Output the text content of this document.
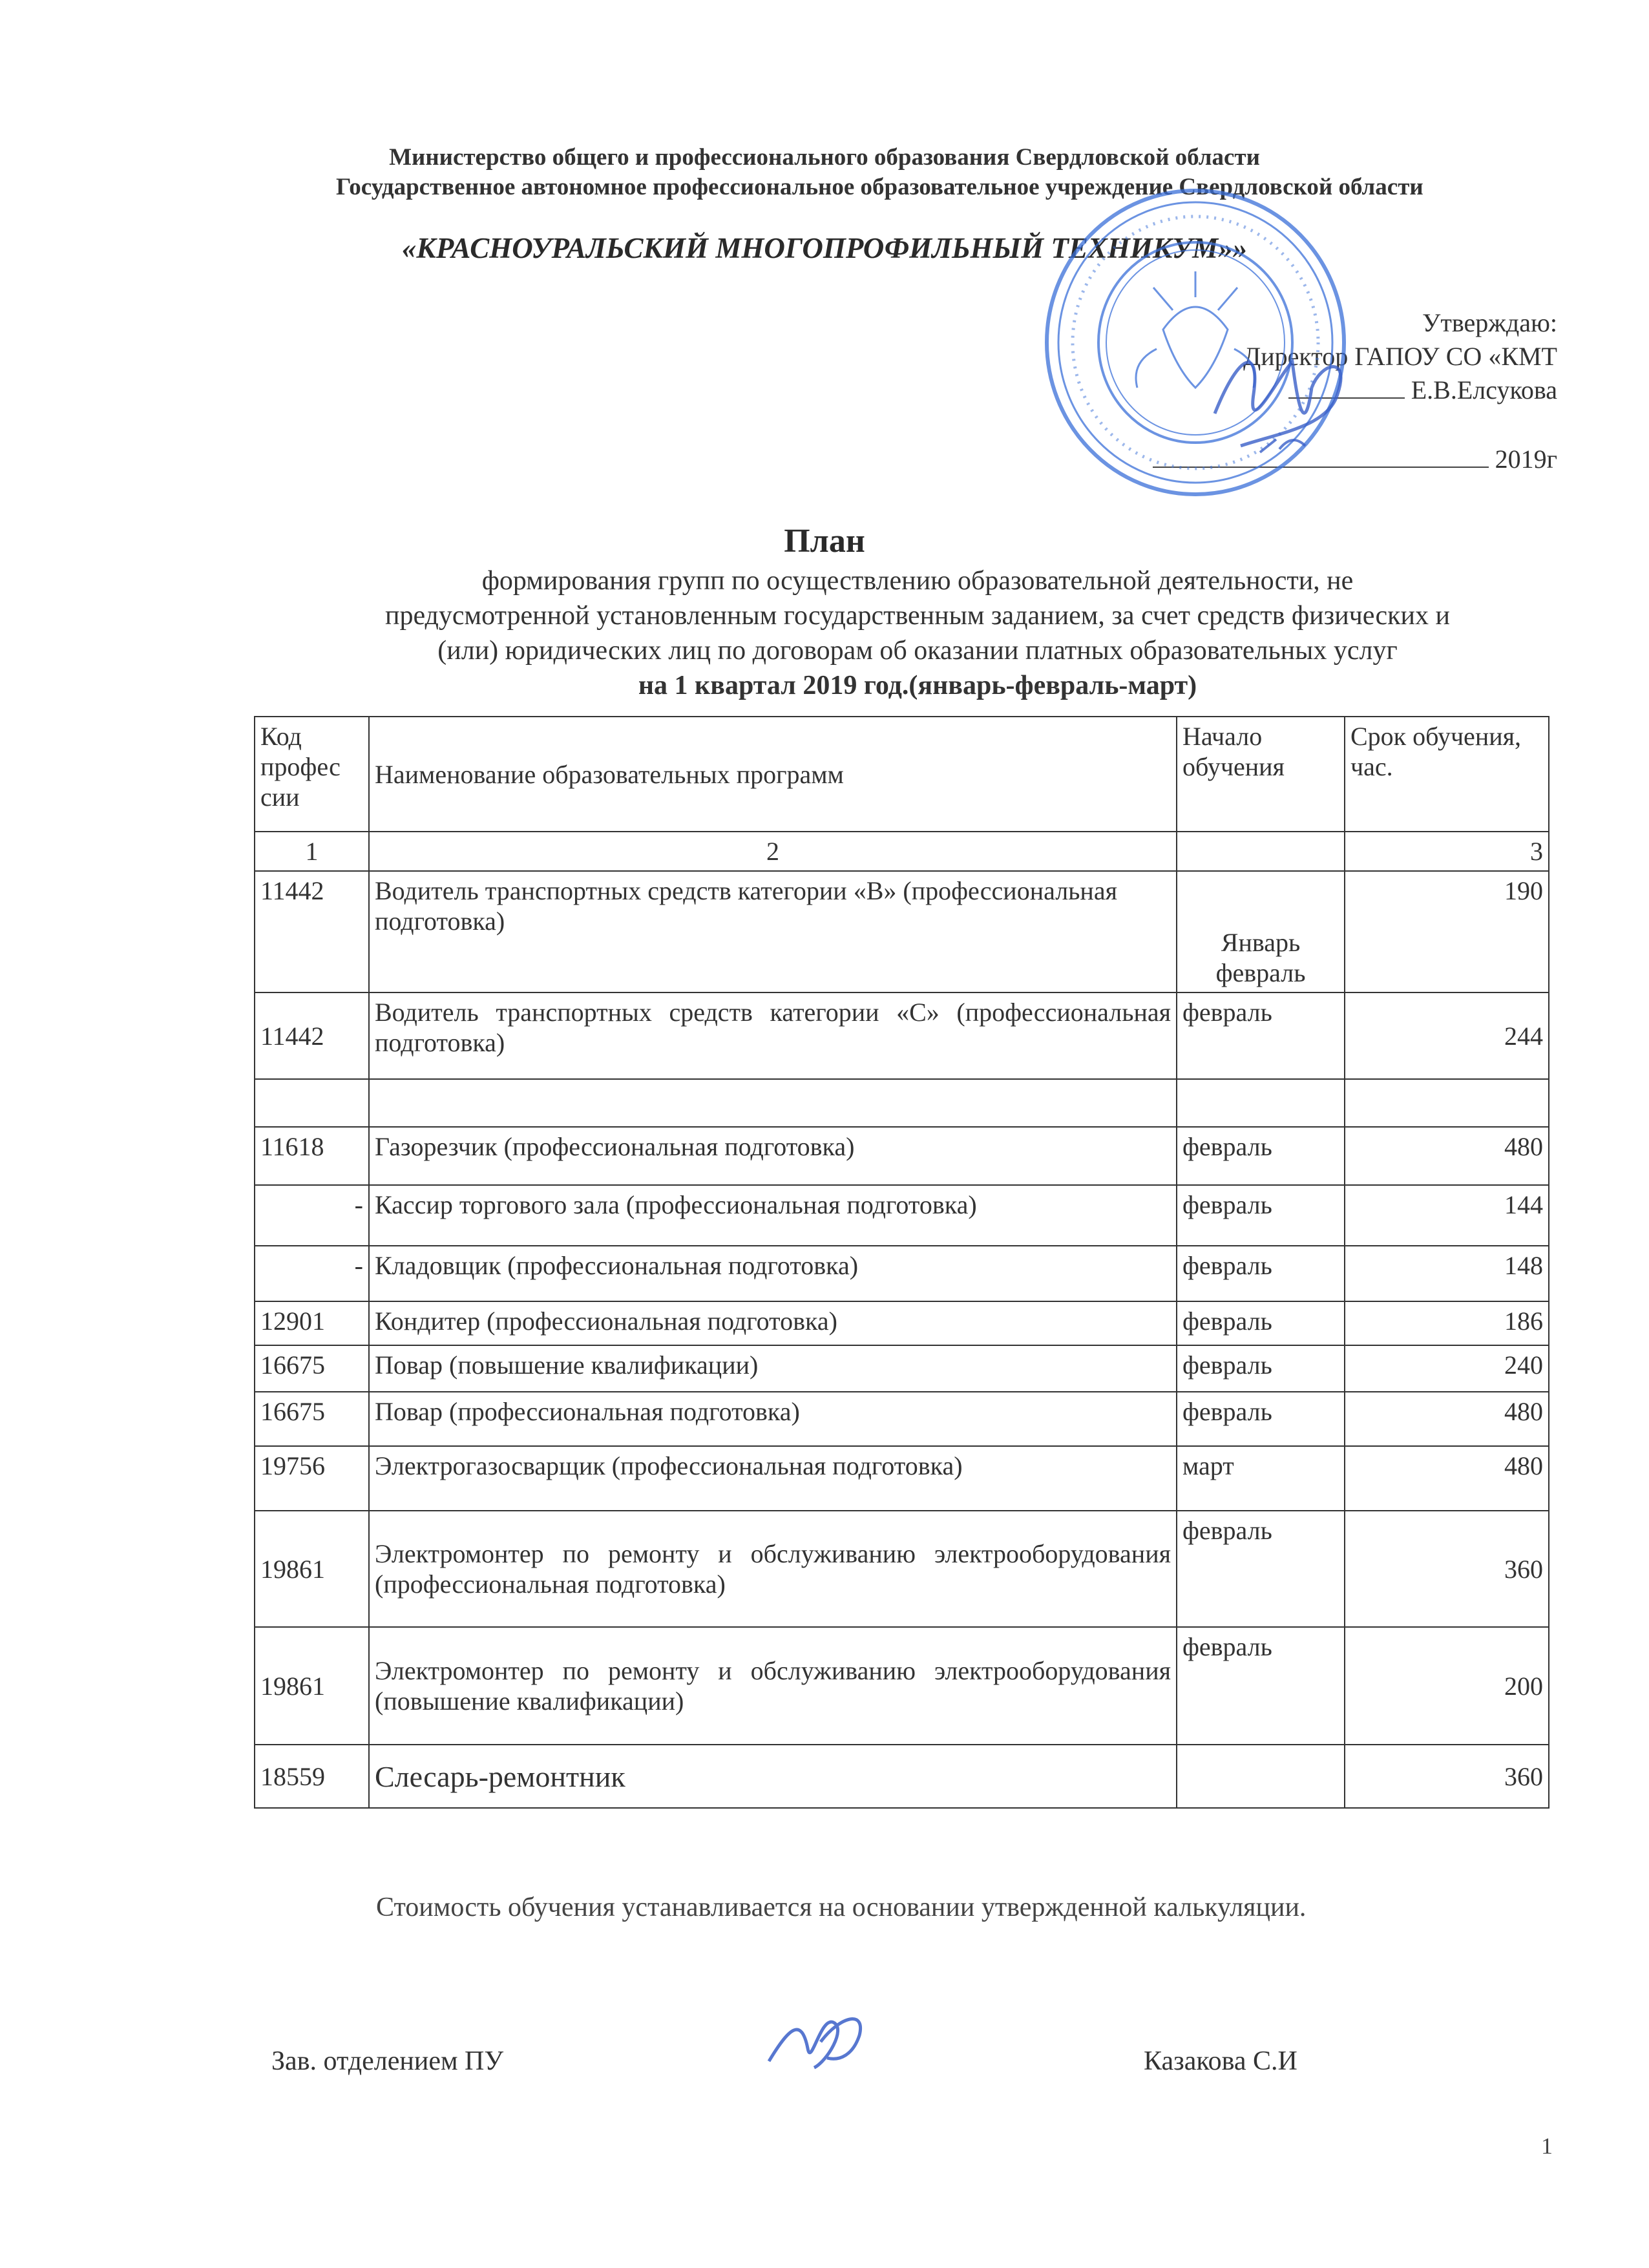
Министерство общего и профессионального образования Свердловской области
Государственное автономное профессиональное образовательное учреждение Свердловской области
«КРАСНОУРАЛЬСКИЙ МНОГОПРОФИЛЬНЫЙ ТЕХНИКУМ»»
Утверждаю:
Директор ГАПОУ СО «КМТ
Е.В.Елсукова
2019г
План
формирования групп по осуществлению образовательной деятельности, не
предусмотренной установленным государственным заданием, за счет средств физических и
(или) юридических лиц по договорам об оказании платных образовательных услуг
на 1 квартал 2019 год.(январь-февраль-март)
Код профес сии	Наименование образовательных программ	Начало обучения	Срок обучения, час.
1	2		3
11442	Водитель транспортных средств категории «В» (профессиональная подготовка)	Январь февраль	190
11442	Водитель транспортных средств категории «С» (профессиональная подготовка)	февраль	244

11618	Газорезчик (профессиональная подготовка)	февраль	480
-	Кассир торгового зала (профессиональная подготовка)	февраль	144
-	Кладовщик (профессиональная подготовка)	февраль	148
12901	Кондитер (профессиональная подготовка)	февраль	186
16675	Повар (повышение квалификации)	февраль	240
16675	Повар (профессиональная подготовка)	февраль	480
19756	Электрогазосварщик (профессиональная подготовка)	март	480
19861	Электромонтер по ремонту и обслуживанию электрооборудования (профессиональная подготовка)	февраль	360
19861	Электромонтер по ремонту и обслуживанию электрооборудования (повышение квалификации)	февраль	200
18559	Слесарь-ремонтник		360
Стоимость обучения устанавливается на основании утвержденной калькуляции.
Зав. отделением ПУ	Казакова С.И
1
